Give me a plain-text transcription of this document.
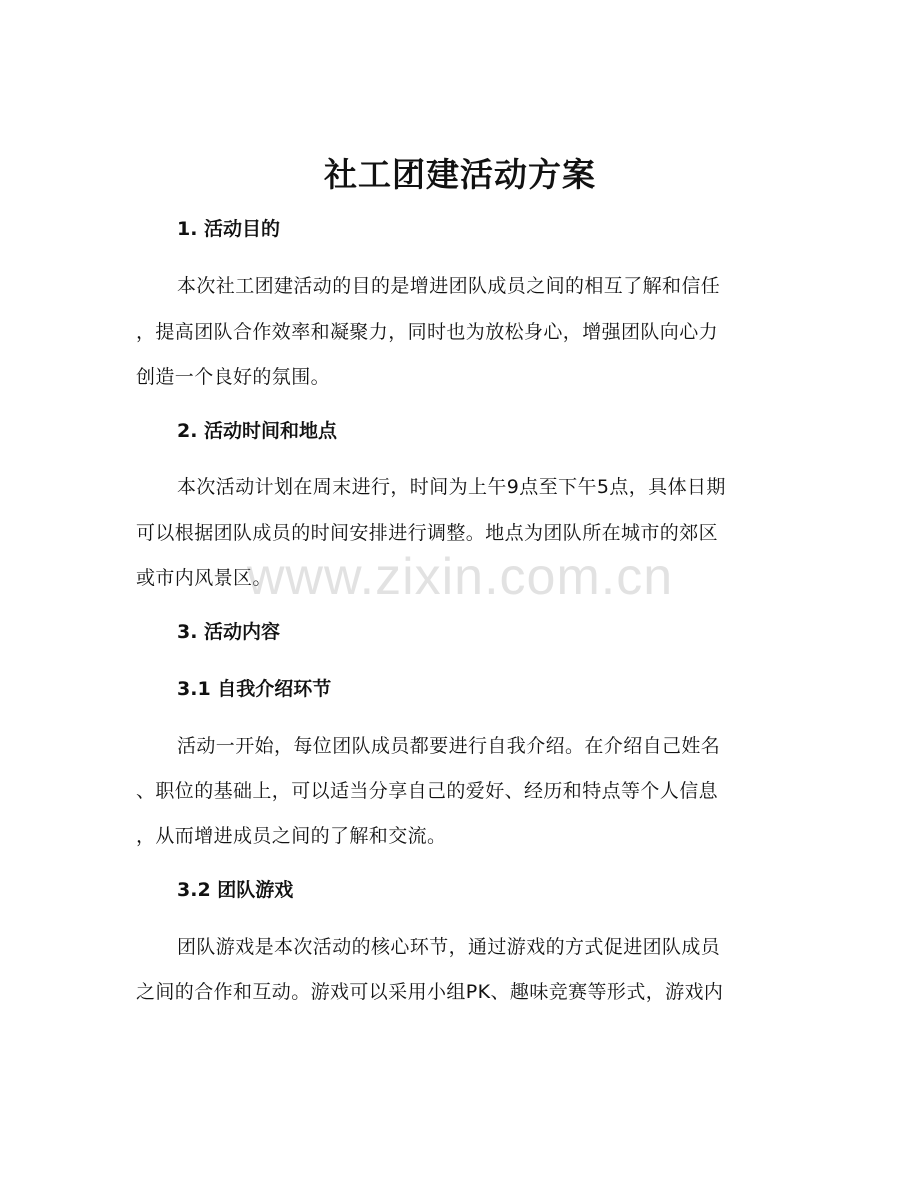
社工团建活动方案
1. 活动目的
本次社工团建活动的目的是增进团队成员之间的相互了解和信任
，提高团队合作效率和凝聚力，同时也为放松身心，增强团队向心力
创造一个良好的氛围。
2. 活动时间和地点
本次活动计划在周末进行，时间为上午9点至下午5点，具体日期
可以根据团队成员的时间安排进行调整。地点为团队所在城市的郊区
或市内风景区。
3. 活动内容
3.1 自我介绍环节
活动一开始，每位团队成员都要进行自我介绍。在介绍自己姓名
、职位的基础上，可以适当分享自己的爱好、经历和特点等个人信息
，从而增进成员之间的了解和交流。
3.2 团队游戏
团队游戏是本次活动的核心环节，通过游戏的方式促进团队成员
之间的合作和互动。游戏可以采用小组PK、趣味竞赛等形式，游戏内
www.zixin.com.cn
